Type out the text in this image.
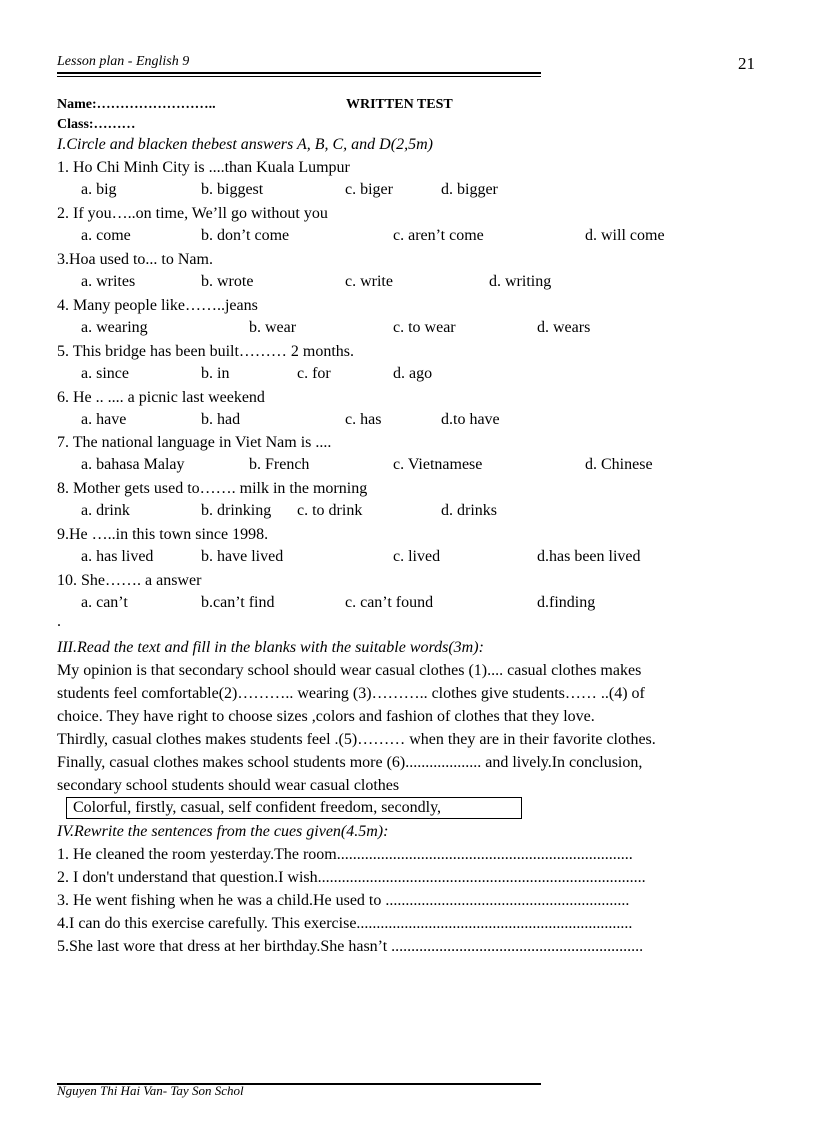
Lesson plan - English 9	21
Name:……………………..	WRITTEN TEST
Class:………
I.Circle and blacken thebest answers A, B, C, and D(2,5m)
1. Ho Chi Minh City is ....than Kuala Lumpur
a. big	b. biggest	c. biger	d. bigger
2. If you…..on time, We’ll go without you
a. come	b. don’t come	c. aren’t come	d. will come
3.Hoa used to... to Nam.
a. writes	b. wrote	c. write	d. writing
4. Many people like……..jeans
a. wearing	b. wear	c. to wear	d. wears
5. This bridge has been built……… 2 months.
a. since	b. in	c. for	d. ago
6. He .. .... a picnic last weekend
a. have	b. had	c. has	d.to have
7. The national language in Viet Nam is ....
a. bahasa Malay	b. French	c. Vietnamese	d. Chinese
8. Mother gets used to……. milk in the morning
a. drink	b. drinking c. to drink	d. drinks
9.He …..in this town since 1998.
a. has lived	b. have lived	c. lived	d.has been lived
10. She……. a answer
a. can’t	b.can’t find	c. can’t found	d.finding
.
III.Read the text and fill in the blanks with the suitable words(3m):
My opinion is that secondary school should wear casual clothes (1).... casual clothes makes
students feel comfortable(2)……….. wearing (3)……….. clothes give students…… ..(4) of
choice. They have right to choose sizes ,colors and fashion of clothes that they love.
Thirdly, casual clothes makes students feel .(5)……… when they are in their favorite clothes.
Finally, casual clothes makes school students more (6)................... and lively.In conclusion,
secondary school students should wear casual clothes
Colorful, firstly, casual, self confident freedom, secondly,
IV.Rewrite the sentences from the cues given(4.5m):
1. He cleaned the room yesterday.The room..........................................................................
2. I don't understand that question.I wish..................................................................................
3. He went fishing when he was a child.He used to .............................................................
4.I can do this exercise carefully. This exercise.....................................................................
5.She last wore that dress at her birthday.She hasn’t ...............................................................
Nguyen Thi Hai Van- Tay Son Schol
